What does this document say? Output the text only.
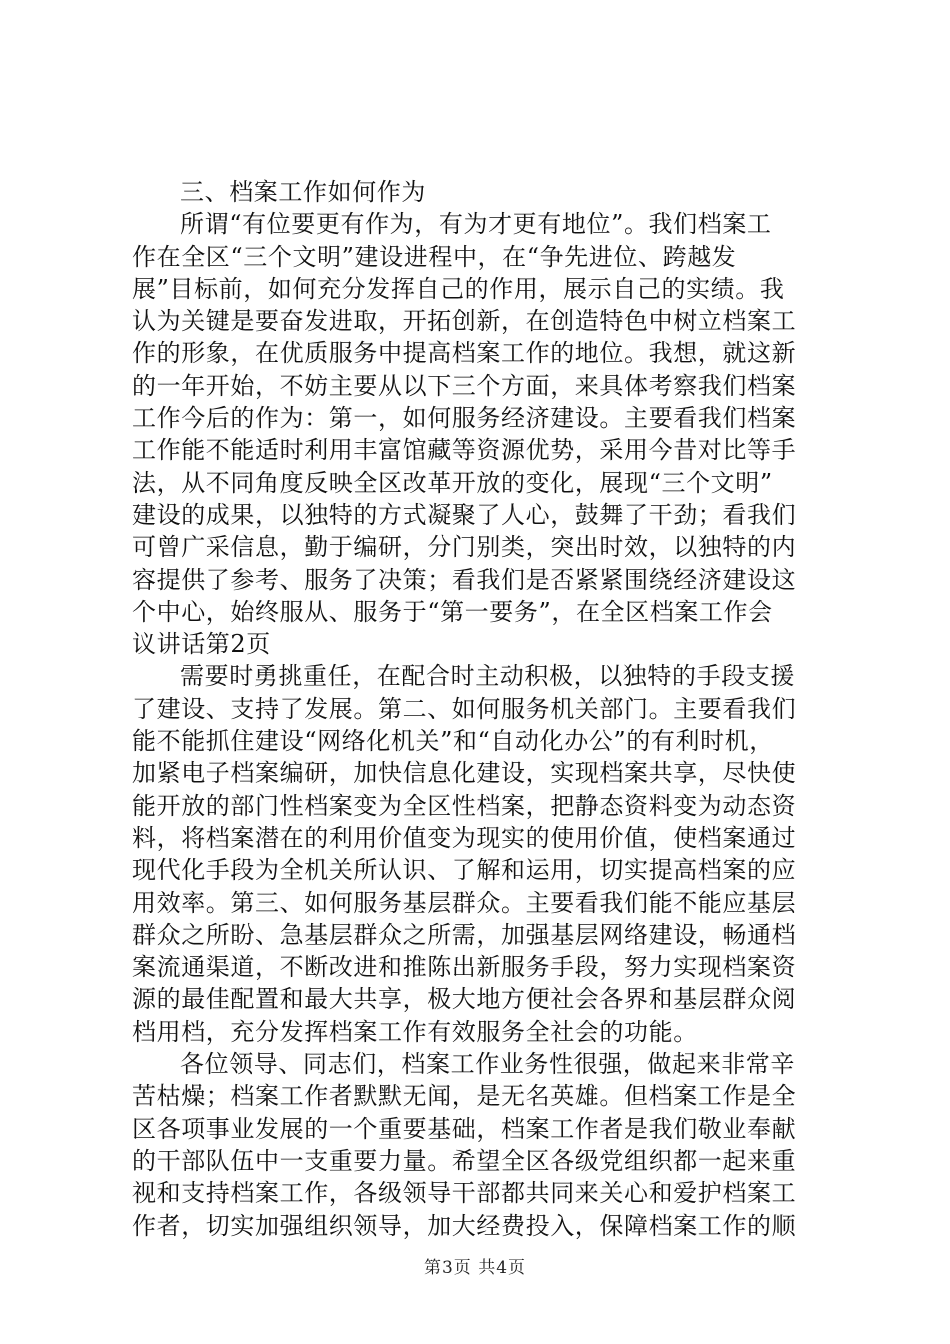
三、档案工作如何作为
所谓“有位要更有作为，有为才更有地位”。我们档案工
作在全区“三个文明”建设进程中，在“争先进位、跨越发
展”目标前，如何充分发挥自己的作用，展示自己的实绩。我
认为关键是要奋发进取，开拓创新，在创造特色中树立档案工
作的形象，在优质服务中提高档案工作的地位。我想，就这新
的一年开始，不妨主要从以下三个方面，来具体考察我们档案
工作今后的作为：第一，如何服务经济建设。主要看我们档案
工作能不能适时利用丰富馆藏等资源优势，采用今昔对比等手
法，从不同角度反映全区改革开放的变化，展现“三个文明”
建设的成果，以独特的方式凝聚了人心，鼓舞了干劲；看我们
可曾广采信息，勤于编研，分门别类，突出时效，以独特的内
容提供了参考、服务了决策；看我们是否紧紧围绕经济建设这
个中心，始终服从、服务于“第一要务”，在全区档案工作会
议讲话第2页
需要时勇挑重任，在配合时主动积极，以独特的手段支援
了建设、支持了发展。第二、如何服务机关部门。主要看我们
能不能抓住建设“网络化机关”和“自动化办公”的有利时机，
加紧电子档案编研，加快信息化建设，实现档案共享，尽快使
能开放的部门性档案变为全区性档案，把静态资料变为动态资
料，将档案潜在的利用价值变为现实的使用价值，使档案通过
现代化手段为全机关所认识、了解和运用，切实提高档案的应
用效率。第三、如何服务基层群众。主要看我们能不能应基层
群众之所盼、急基层群众之所需，加强基层网络建设，畅通档
案流通渠道，不断改进和推陈出新服务手段，努力实现档案资
源的最佳配置和最大共享，极大地方便社会各界和基层群众阅
档用档，充分发挥档案工作有效服务全社会的功能。
各位领导、同志们，档案工作业务性很强，做起来非常辛
苦枯燥；档案工作者默默无闻，是无名英雄。但档案工作是全
区各项事业发展的一个重要基础，档案工作者是我们敬业奉献
的干部队伍中一支重要力量。希望全区各级党组织都一起来重
视和支持档案工作，各级领导干部都共同来关心和爱护档案工
作者，切实加强组织领导，加大经费投入，保障档案工作的顺
第3页 共4页
